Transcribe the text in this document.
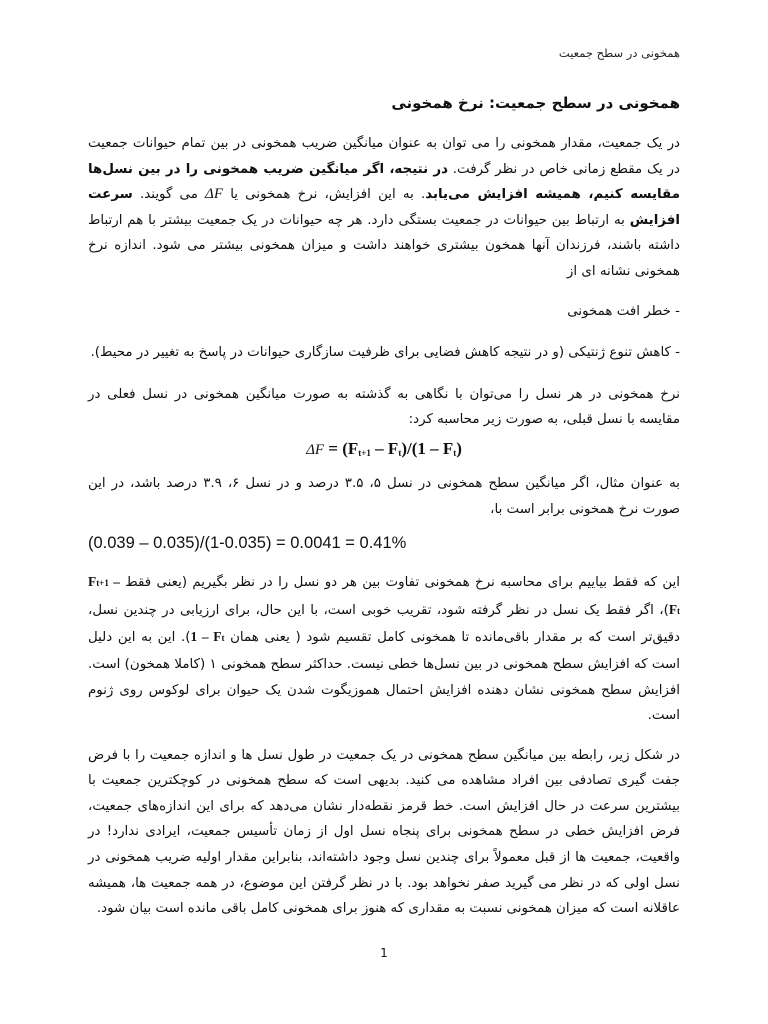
همخونی در سطح جمعیت
همخونی در سطح جمعیت: نرخ همخونی

در یک جمعیت، مقدار همخونی را می توان به عنوان میانگین ضریب همخونی در بین تمام حیوانات جمعیت در یک مقطع زمانی خاص در نظر گرفت. در نتیجه، اگر میانگین ضریب همخونی را در بین نسل‌ها مقایسه کنیم، همیشه افزایش می‌یابد. به این افزایش، نرخ همخونی یا ΔF می گویند. سرعت افزایش به ارتباط بین حیوانات در جمعیت بستگی دارد. هر چه حیوانات در یک جمعیت بیشتر با هم ارتباط داشته باشند، فرزندان آنها همخون بیشتری خواهند داشت و میزان همخونی بیشتر می شود. اندازه نرخ همخونی نشانه ای از

- خطر افت همخونی
- کاهش تنوع ژنتیکی (و در نتیجه کاهش فضایی برای ظرفیت سازگاری حیوانات در پاسخ به تغییر در محیط).

نرخ همخونی در هر نسل را می‌توان با نگاهی به گذشته به صورت میانگین همخونی در نسل فعلی در مقایسه با نسل قبلی، به صورت زیر محاسبه کرد:

$\Delta F = (F_{t+1} - F_t)/(1 - F_t)$

به عنوان مثال، اگر میانگین سطح همخونی در نسل ۵، ۳.۵ درصد و در نسل ۶، ۳.۹ درصد باشد، در این صورت نرخ همخونی برابر است با،

(0.039 – 0.035)/(1-0.035) = 0.0041 = 0.41%

این که فقط بیاییم برای محاسبه نرخ همخونی تفاوت بین هر دو نسل را در نظر بگیریم (یعنی فقط Ft+1 – Ft)، اگر فقط یک نسل در نظر گرفته شود، تقریب خوبی است، با این حال، برای ارزیابی در چندین نسل، دقیق‌تر است که بر مقدار باقی‌مانده تا همخونی کامل تقسیم شود ( یعنی همان 1 – Ft). این به این دلیل است که افزایش سطح همخونی در بین نسل‌ها خطی نیست. حداکثر سطح همخونی ۱ (کاملا همخون) است. افزایش سطح همخونی نشان دهنده افزایش احتمال هموزیگوت شدن یک حیوان برای لوکوس روی ژنوم است.

در شکل زیر، رابطه بین میانگین سطح همخونی در یک جمعیت در طول نسل ها و اندازه جمعیت را با فرض جفت گیری تصادفی بین افراد مشاهده می کنید. بدیهی است که سطح همخونی در کوچکترین جمعیت با بیشترین سرعت در حال افزایش است. خط قرمز نقطه‌دار نشان می‌دهد که برای این اندازه‌های جمعیت، فرض افزایش خطی در سطح همخونی برای پنجاه نسل اول از زمان تأسیس جمعیت، ایرادی ندارد! در واقعیت، جمعیت ها از قبل معمولاً برای چندین نسل وجود داشته‌اند، بنابراین مقدار اولیه ضریب همخونی در نسل اولی که در نظر می گیرید صفر نخواهد بود. با در نظر گرفتن این موضوع، در همه جمعیت ها، همیشه عاقلانه است که میزان همخونی نسبت به مقداری که هنوز برای همخونی کامل باقی مانده است بیان شود.

1
